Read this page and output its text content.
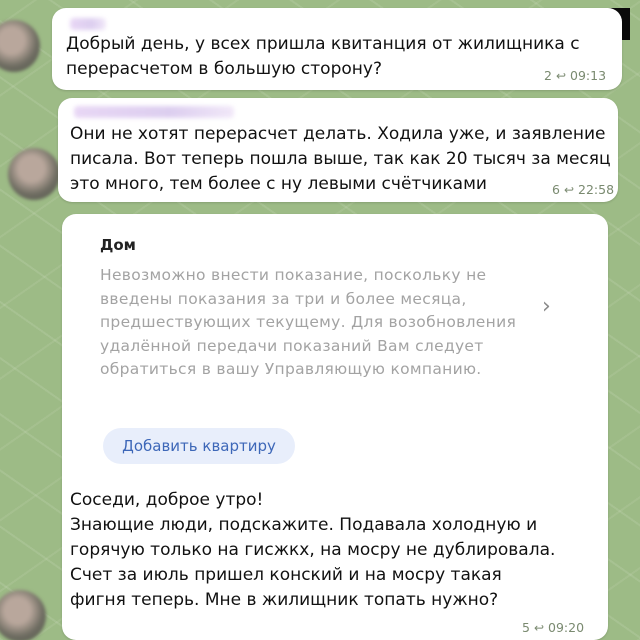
Добрый день, у всех пришла квитанция от жилищника с
перерасчетом в большую сторону?	2 ↩ 09:13
Они не хотят перерасчет делать. Ходила уже, и заявление
писала. Вот теперь пошла выше, так как 20 тысяч за месяц
это много, тем более с ну левыми счётчиками	6 ↩ 22:58
Дом
Невозможно внести показание, поскольку не введены показания за три и более месяца, предшествующих текущему. Для возобновления удалённой передачи показаний Вам следует обратиться в вашу Управляющую компанию.
›
Добавить квартиру
Соседи, доброе утро!
Знающие люди, подскажите. Подавала холодную и
горячую только на гисжкх, на мосру не дублировала.
Счет за июль пришел конский и на мосру такая
фигня теперь. Мне в жилищник топать нужно?
5 ↩ 09:20
